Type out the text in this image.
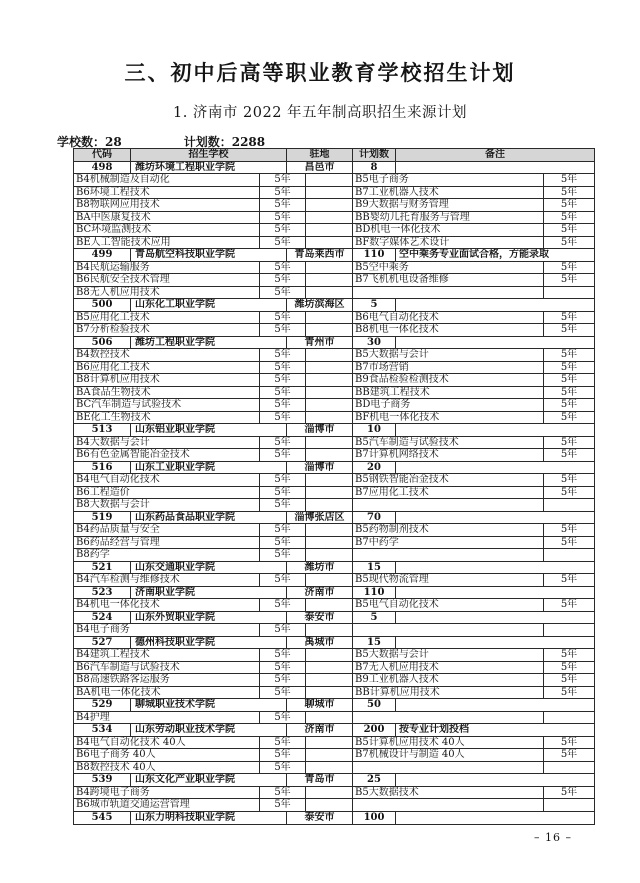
三、初中后高等职业教育学校招生计划
1. 济南市 2022 年五年制高职招生来源计划
学校数：28	计划数：2288
代码	招生学校	驻地	计划数	备注
498	潍坊环境工程职业学院	昌邑市	8
B4机械制造及自动化	5年	B5电子商务	5年
B6环境工程技术	5年	B7工业机器人技术	5年
B8物联网应用技术	5年	B9大数据与财务管理	5年
BA中医康复技术	5年	BB婴幼儿托育服务与管理	5年
BC环境监测技术	5年	BD机电一体化技术	5年
BE人工智能技术应用	5年	BF数字媒体艺术设计	5年
499	青岛航空科技职业学院	青岛莱西市	110	空中乘务专业面试合格，方能录取
B4民航运输服务	5年	B5空中乘务	5年
B6民航安全技术管理	5年	B7飞机机电设备维修	5年
B8无人机应用技术	5年
500	山东化工职业学院	潍坊滨海区	5
B5应用化工技术	5年	B6电气自动化技术	5年
B7分析检验技术	5年	B8机电一体化技术	5年
506	潍坊工程职业学院	青州市	30
B4数控技术	5年	B5大数据与会计	5年
B6应用化工技术	5年	B7市场营销	5年
B8计算机应用技术	5年	B9食品检验检测技术	5年
BA食品生物技术	5年	BB建筑工程技术	5年
BC汽车制造与试验技术	5年	BD电子商务	5年
BE化工生物技术	5年	BF机电一体化技术	5年
513	山东铝业职业学院	淄博市	10
B4大数据与会计	5年	B5汽车制造与试验技术	5年
B6有色金属智能冶金技术	5年	B7计算机网络技术	5年
516	山东工业职业学院	淄博市	20
B4电气自动化技术	5年	B5钢铁智能冶金技术	5年
B6工程造价	5年	B7应用化工技术	5年
B8大数据与会计	5年
519	山东药品食品职业学院	淄博张店区	70
B4药品质量与安全	5年	B5药物制剂技术	5年
B6药品经营与管理	5年	B7中药学	5年
B8药学	5年
521	山东交通职业学院	潍坊市	15
B4汽车检测与维修技术	5年	B5现代物流管理	5年
523	济南职业学院	济南市	110
B4机电一体化技术	5年	B5电气自动化技术	5年
524	山东外贸职业学院	泰安市	5
B4电子商务	5年
527	德州科技职业学院	禹城市	15
B4建筑工程技术	5年	B5大数据与会计	5年
B6汽车制造与试验技术	5年	B7无人机应用技术	5年
B8高速铁路客运服务	5年	B9工业机器人技术	5年
BA机电一体化技术	5年	BB计算机应用技术	5年
529	聊城职业技术学院	聊城市	50
B4护理	5年
534	山东劳动职业技术学院	济南市	200	按专业计划投档
B4电气自动化技术 40人	5年	B5计算机应用技术 40人	5年
B6电子商务 40人	5年	B7机械设计与制造 40人	5年
B8数控技术 40人	5年
539	山东文化产业职业学院	青岛市	25
B4跨境电子商务	5年	B5大数据技术	5年
B6城市轨道交通运营管理	5年
545	山东力明科技职业学院	泰安市	100
– 16 –
